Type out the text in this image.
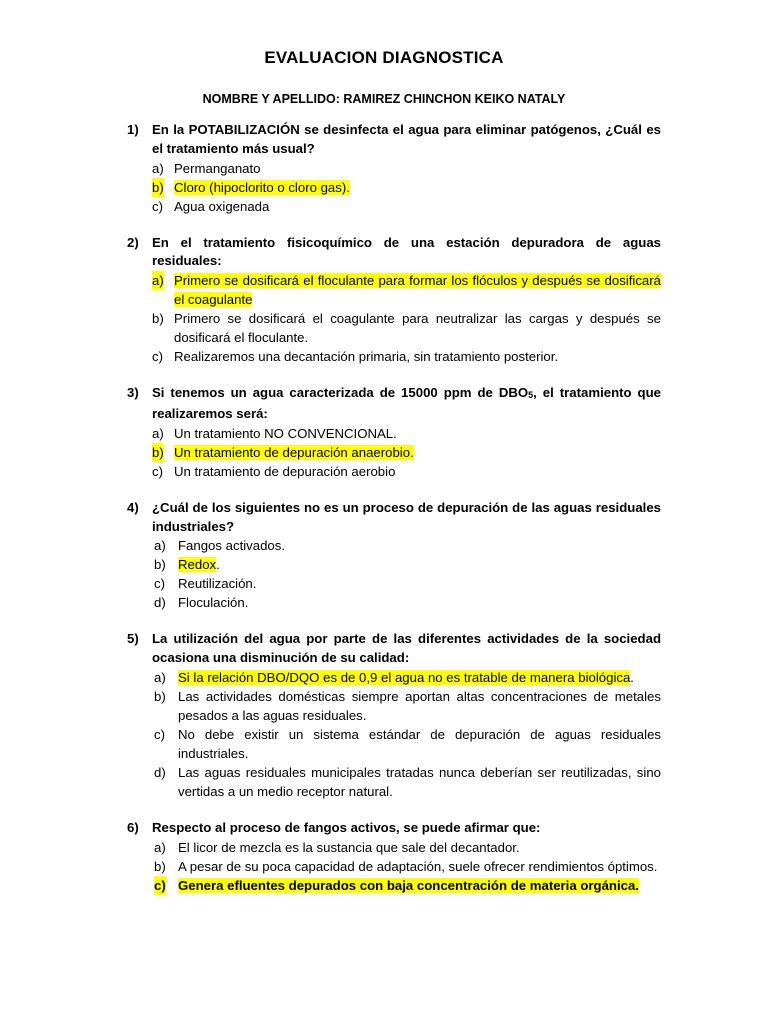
EVALUACION DIAGNOSTICA
NOMBRE Y APELLIDO: RAMIREZ CHINCHON KEIKO NATALY
1) En la POTABILIZACIÓN se desinfecta el agua para eliminar patógenos, ¿Cuál es el tratamiento más usual?
a) Permanganato
b) Cloro (hipoclorito o cloro gas).
c) Agua oxigenada
2) En el tratamiento fisicoquímico de una estación depuradora de aguas residuales:
a) Primero se dosificará el floculante para formar los flóculos y después se dosificará el coagulante
b) Primero se dosificará el coagulante para neutralizar las cargas y después se dosificará el floculante.
c) Realizaremos una decantación primaria, sin tratamiento posterior.
3) Si tenemos un agua caracterizada de 15000 ppm de $DBO_5$, el tratamiento que realizaremos será:
a) Un tratamiento NO CONVENCIONAL.
b) Un tratamiento de depuración anaerobio.
c) Un tratamiento de depuración aerobio
4) ¿Cuál de los siguientes no es un proceso de depuración de las aguas residuales industriales?
a) Fangos activados.
b) Redox.
c) Reutilización.
d) Floculación.
5) La utilización del agua por parte de las diferentes actividades de la sociedad ocasiona una disminución de su calidad:
a) Si la relación DBO/DQO es de 0,9 el agua no es tratable de manera biológica.
b) Las actividades domésticas siempre aportan altas concentraciones de metales pesados a las aguas residuales.
c) No debe existir un sistema estándar de depuración de aguas residuales industriales.
d) Las aguas residuales municipales tratadas nunca deberían ser reutilizadas, sino vertidas a un medio receptor natural.
6) Respecto al proceso de fangos activos, se puede afirmar que:
a) El licor de mezcla es la sustancia que sale del decantador.
b) A pesar de su poca capacidad de adaptación, suele ofrecer rendimientos óptimos.
c) Genera efluentes depurados con baja concentración de materia orgánica.
